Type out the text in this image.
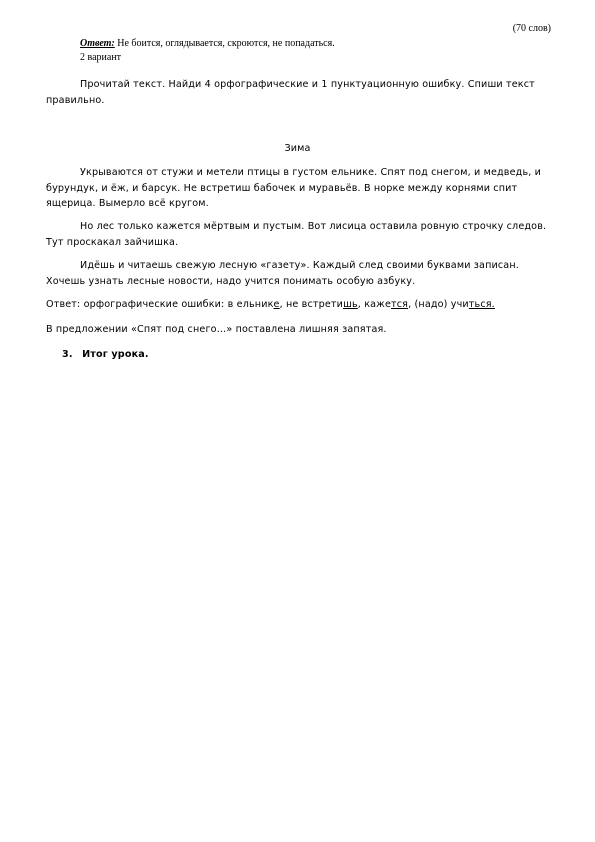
(70 слов)
Ответ: Не боится, оглядывается, скроются, не попадаться.
2 вариант
Прочитай текст. Найди 4 орфографические и 1 пунктуационную ошибку. Спиши текст правильно.
Зима
Укрываются от стужи и метели птицы в густом ельнике. Спят под снегом, и медведь, и бурундук, и ёж, и барсук. Не встретиш бабочек и муравьёв. В норке между корнями спит ящерица. Вымерло всё кругом.
Но лес только кажется мёртвым и пустым. Вот лисица оставила ровную строчку следов. Тут проскакал зайчишка.
Идёшь и читаешь свежую лесную «газету». Каждый след своими буквами записан. Хочешь узнать лесные новости, надо учится понимать особую азбуку.
Ответ: орфографические ошибки: в ельнике, не встретишь, кажется, (надо) учиться.
В предложении «Спят под снего…» поставлена лишняя запятая.
3. Итог урока.
